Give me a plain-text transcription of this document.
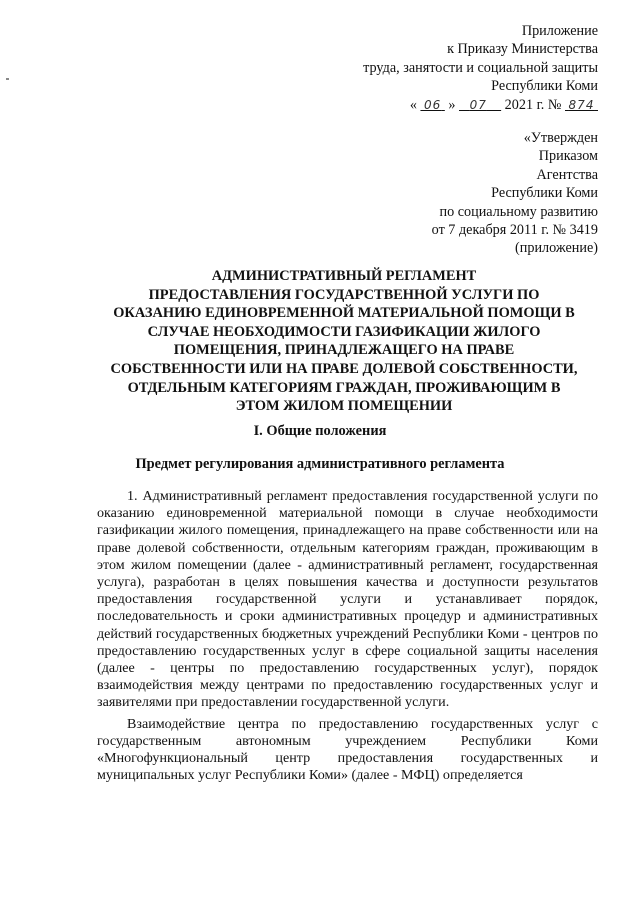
Приложение
к Приказу Министерства
труда, занятости и социальной защиты
Республики Коми
« 06 » 07 2021 г. № 874
«Утвержден
Приказом
Агентства
Республики Коми
по социальному развитию
от 7 декабря 2011 г. № 3419
(приложение)
АДМИНИСТРАТИВНЫЙ РЕГЛАМЕНТ
ПРЕДОСТАВЛЕНИЯ ГОСУДАРСТВЕННОЙ УСЛУГИ ПО
ОКАЗАНИЮ ЕДИНОВРЕМЕННОЙ МАТЕРИАЛЬНОЙ ПОМОЩИ В
СЛУЧАЕ НЕОБХОДИМОСТИ ГАЗИФИКАЦИИ ЖИЛОГО
ПОМЕЩЕНИЯ, ПРИНАДЛЕЖАЩЕГО НА ПРАВЕ
СОБСТВЕННОСТИ ИЛИ НА ПРАВЕ ДОЛЕВОЙ СОБСТВЕННОСТИ,
ОТДЕЛЬНЫМ КАТЕГОРИЯМ ГРАЖДАН, ПРОЖИВАЮЩИМ В
ЭТОМ ЖИЛОМ ПОМЕЩЕНИИ
I. Общие положения
Предмет регулирования административного регламента

1. Административный регламент предоставления государственной услуги по оказанию единовременной материальной помощи в случае необходимости газификации жилого помещения, принадлежащего на праве собственности или на праве долевой собственности, отдельным категориям граждан, проживающим в этом жилом помещении (далее - административный регламент, государственная услуга), разработан в целях повышения качества и доступности результатов предоставления государственной услуги и устанавливает порядок, последовательность и сроки административных процедур и административных действий государственных бюджетных учреждений Республики Коми - центров по предоставлению государственных услуг в сфере социальной защиты населения (далее - центры по предоставлению государственных услуг), порядок взаимодействия между центрами по предоставлению государственных услуг и заявителями при предоставлении государственной услуги.

Взаимодействие центра по предоставлению государственных услуг с государственным автономным учреждением Республики Коми «Многофункциональный центр предоставления государственных и муниципальных услуг Республики Коми» (далее - МФЦ) определяется
